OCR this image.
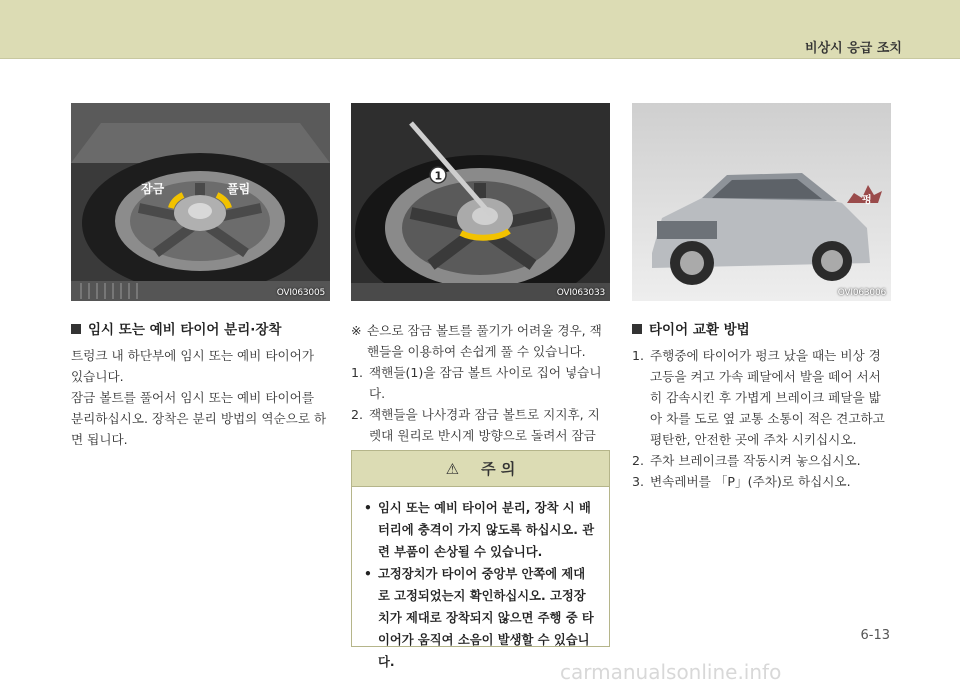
비상시 응급 조치
잠금	풀림
OVI063005
1
OVI063033
펑
OVI063006
임시 또는 예비 타이어 분리·장착

트렁크 내 하단부에 임시 또는 예비 타이어가 있습니다.

잠금 볼트를 풀어서 임시 또는 예비 타이어를 분리하십시오. 장착은 분리 방법의 역순으로 하면 됩니다.

※ 손으로 잠금 볼트를 풀기가 어려울 경우, 잭핸들을 이용하여 손쉽게 풀 수 있습니다.
1. 잭핸들(1)을 잠금 볼트 사이로 집어 넣습니다.
2. 잭핸들을 나사경과 잠금 볼트로 지지후, 지렛대 원리로 반시계 방향으로 돌려서 잠금
⚠ 주 의
• 임시 또는 예비 타이어 분리, 장착 시 배터리에 충격이 가지 않도록 하십시오. 관련 부품이 손상될 수 있습니다.
• 고정장치가 타이어 중앙부 안쪽에 제대로 고정되었는지 확인하십시오. 고정장치가 제대로 장착되지 않으면 주행 중 타이어가 움직여 소음이 발생할 수 있습니다.
타이어 교환 방법
1. 주행중에 타이어가 펑크 났을 때는 비상 경고등을 켜고 가속 페달에서 발을 떼어 서서히 감속시킨 후 가볍게 브레이크 페달을 밟아 차를 도로 옆 교통 소통이 적은 견고하고 평탄한, 안전한 곳에 주차 시키십시오.
2. 주차 브레이크를 작동시켜 놓으십시오.
3. 변속레버를 「P」(주차)로 하십시오.
6-13
carmanualsonline.info
